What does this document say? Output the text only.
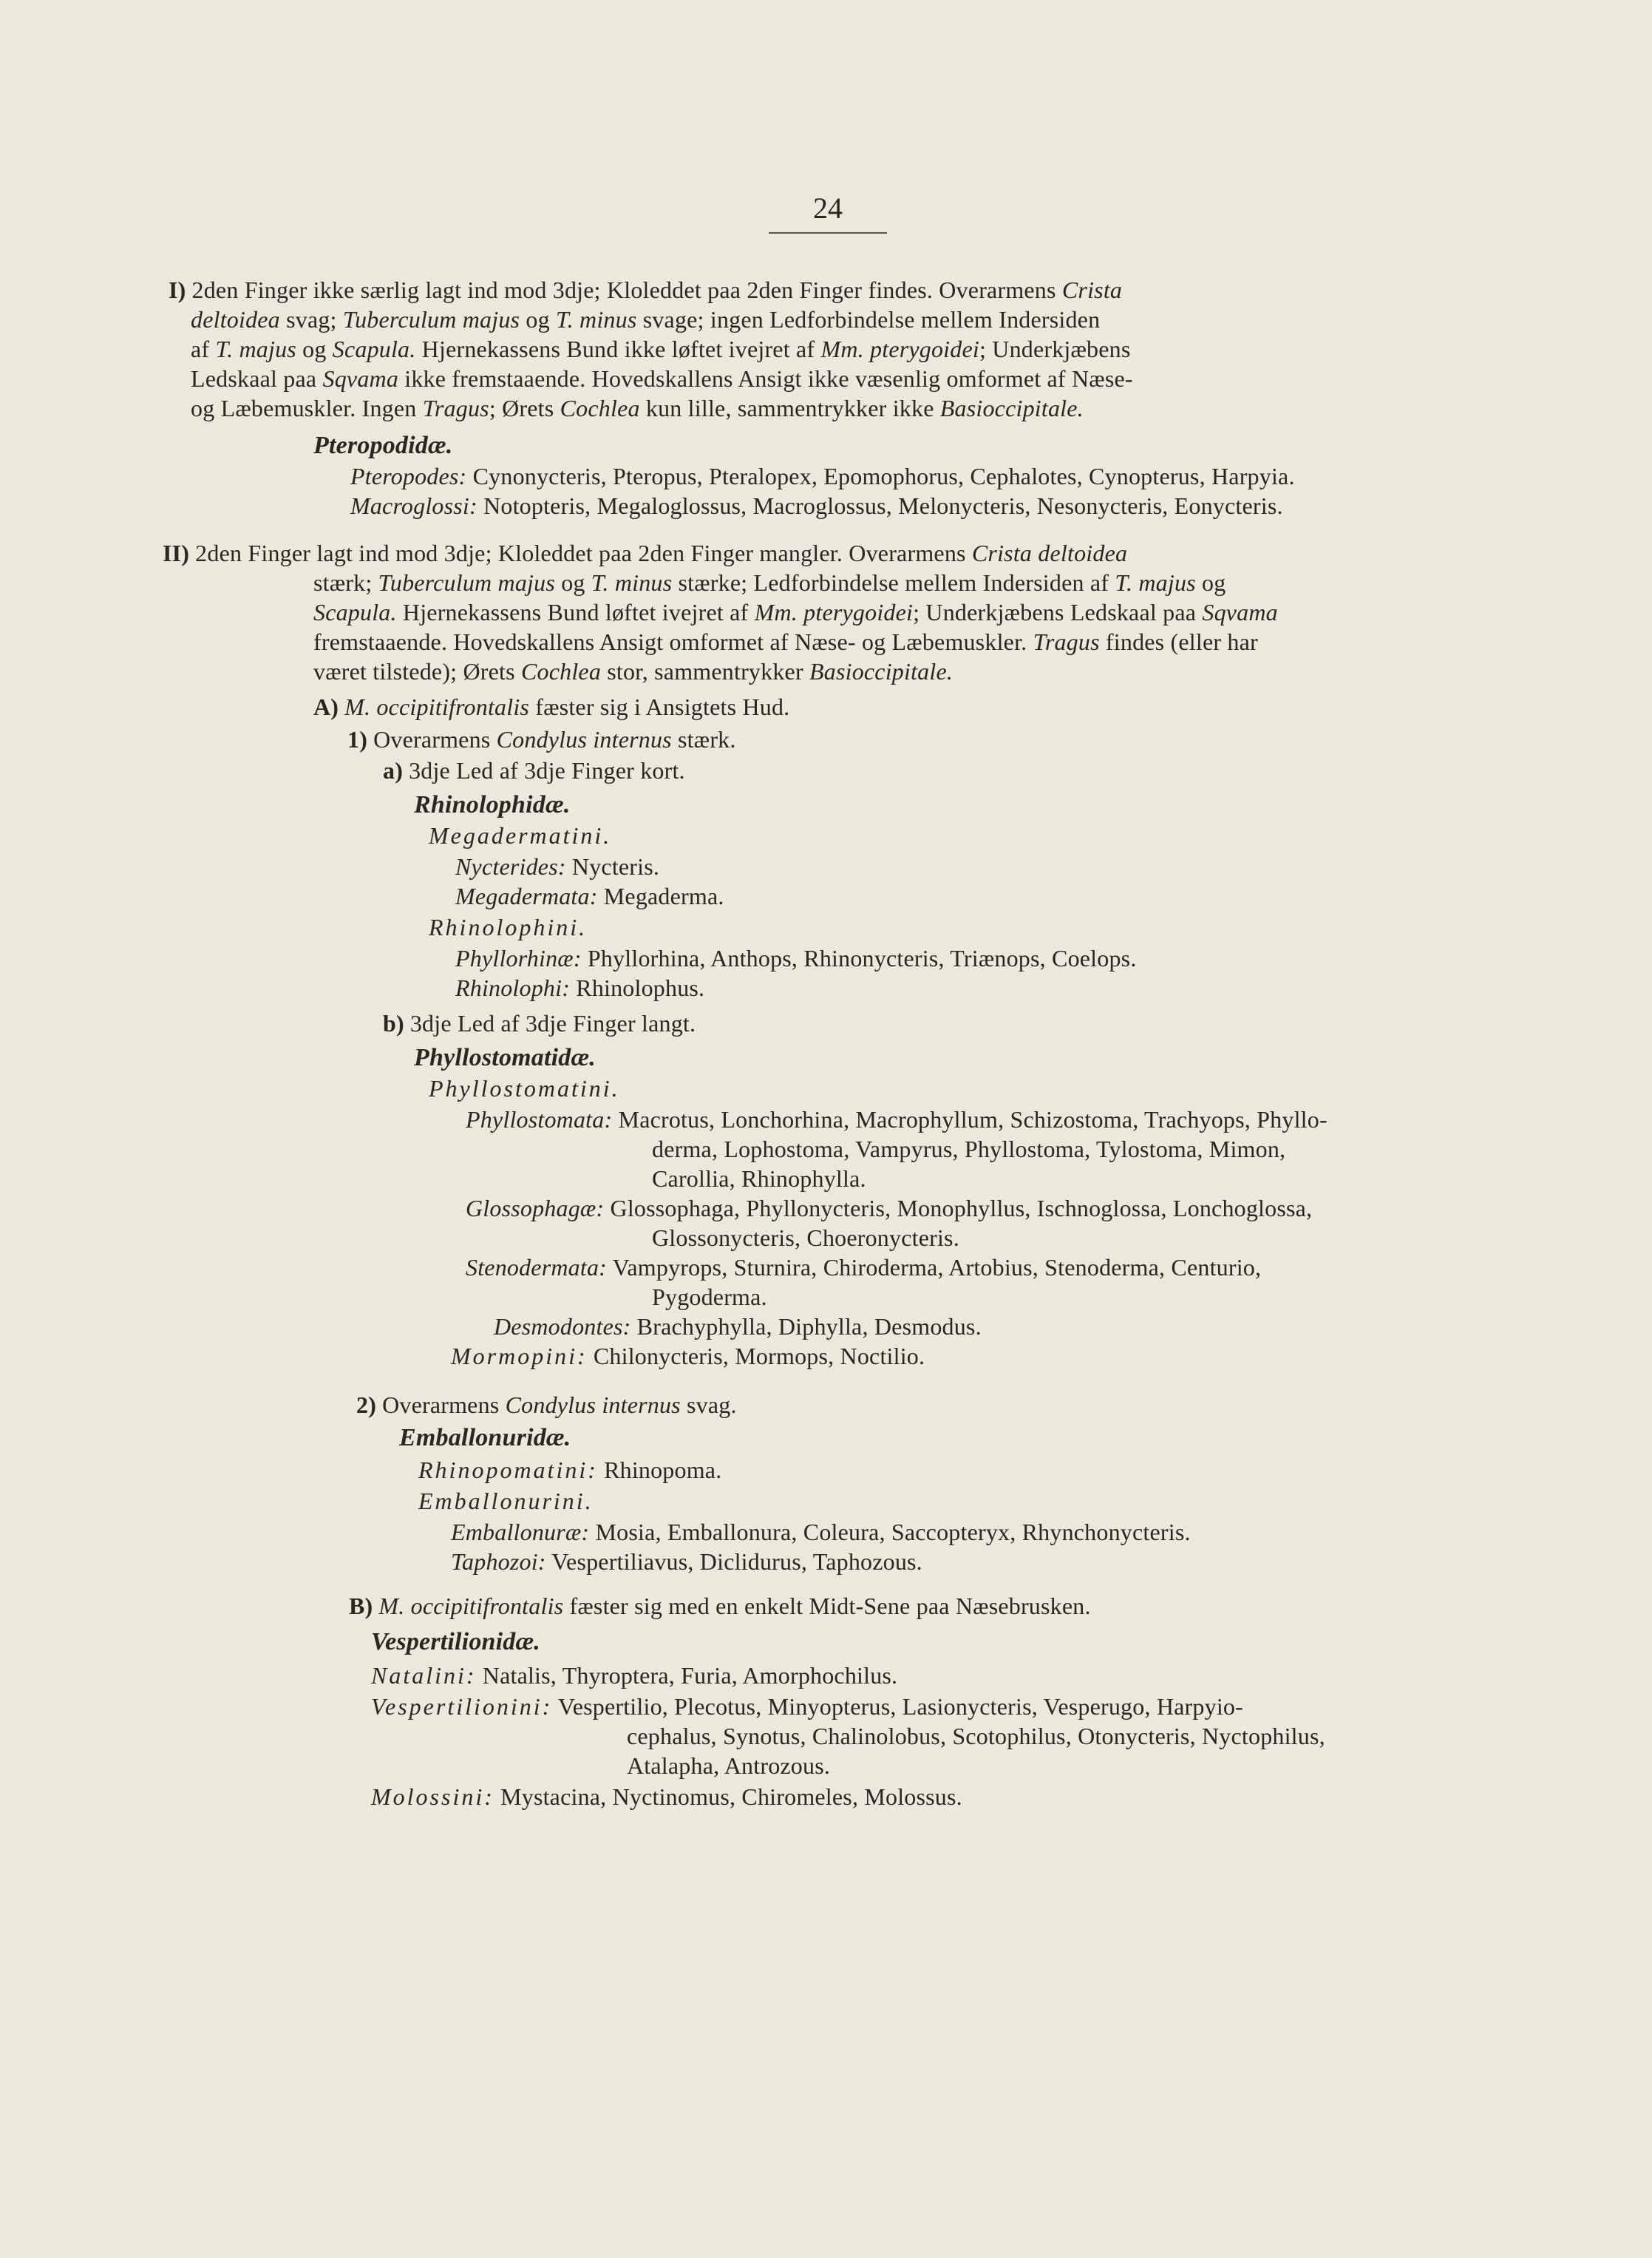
24
I) 2den Finger ikke særlig lagt ind mod 3dje; Kloleddet paa 2den Finger findes. Overarmens Crista
deltoidea svag; Tuberculum majus og T. minus svage; ingen Ledforbindelse mellem Indersiden
af T. majus og Scapula. Hjernekassens Bund ikke løftet ivejret af Mm. pterygoidei; Underkjæbens
Ledskaal paa Sqvama ikke fremstaaende. Hovedskallens Ansigt ikke væsenlig omformet af Næse-
og Læbemuskler. Ingen Tragus; Ørets Cochlea kun lille, sammentrykker ikke Basioccipitale.
Pteropodidæ.
Pteropodes: Cynonycteris, Pteropus, Pteralopex, Epomophorus, Cephalotes, Cynopterus, Harpyia.
Macroglossi: Notopteris, Megaloglossus, Macroglossus, Melonycteris, Nesonycteris, Eonycteris.
II) 2den Finger lagt ind mod 3dje; Kloleddet paa 2den Finger mangler. Overarmens Crista deltoidea
stærk; Tuberculum majus og T. minus stærke; Ledforbindelse mellem Indersiden af T. majus og
Scapula. Hjernekassens Bund løftet ivejret af Mm. pterygoidei; Underkjæbens Ledskaal paa Sqvama
fremstaaende. Hovedskallens Ansigt omformet af Næse- og Læbemuskler. Tragus findes (eller har
været tilstede); Ørets Cochlea stor, sammentrykker Basioccipitale.
A) M. occipitifrontalis fæster sig i Ansigtets Hud.
1) Overarmens Condylus internus stærk.
a) 3dje Led af 3dje Finger kort.
Rhinolophidæ.
Megadermatini.
Nycterides: Nycteris.
Megadermata: Megaderma.
Rhinolophini.
Phyllorhinæ: Phyllorhina, Anthops, Rhinonycteris, Triænops, Coelops.
Rhinolophi: Rhinolophus.
b) 3dje Led af 3dje Finger langt.
Phyllostomatidæ.
Phyllostomatini.
Phyllostomata: Macrotus, Lonchorhina, Macrophyllum, Schizostoma, Trachyops, Phyllo-
derma, Lophostoma, Vampyrus, Phyllostoma, Tylostoma, Mimon,
Carollia, Rhinophylla.
Glossophagæ: Glossophaga, Phyllonycteris, Monophyllus, Ischnoglossa, Lonchoglossa,
Glossonycteris, Choeronycteris.
Stenodermata: Vampyrops, Sturnira, Chiroderma, Artobius, Stenoderma, Centurio,
Pygoderma.
Desmodontes: Brachyphylla, Diphylla, Desmodus.
Mormopini: Chilonycteris, Mormops, Noctilio.
2) Overarmens Condylus internus svag.
Emballonuridæ.
Rhinopomatini: Rhinopoma.
Emballonurini.
Emballonuræ: Mosia, Emballonura, Coleura, Saccopteryx, Rhynchonycteris.
Taphozoi: Vespertiliavus, Diclidurus, Taphozous.
B) M. occipitifrontalis fæster sig med en enkelt Midt-Sene paa Næsebrusken.
Vespertilionidæ.
Natalini: Natalis, Thyroptera, Furia, Amorphochilus.
Vespertilionini: Vespertilio, Plecotus, Minyopterus, Lasionycteris, Vesperugo, Harpyio-
cephalus, Synotus, Chalinolobus, Scotophilus, Otonycteris, Nyctophilus,
Atalapha, Antrozous.
Molossini: Mystacina, Nyctinomus, Chiromeles, Molossus.
